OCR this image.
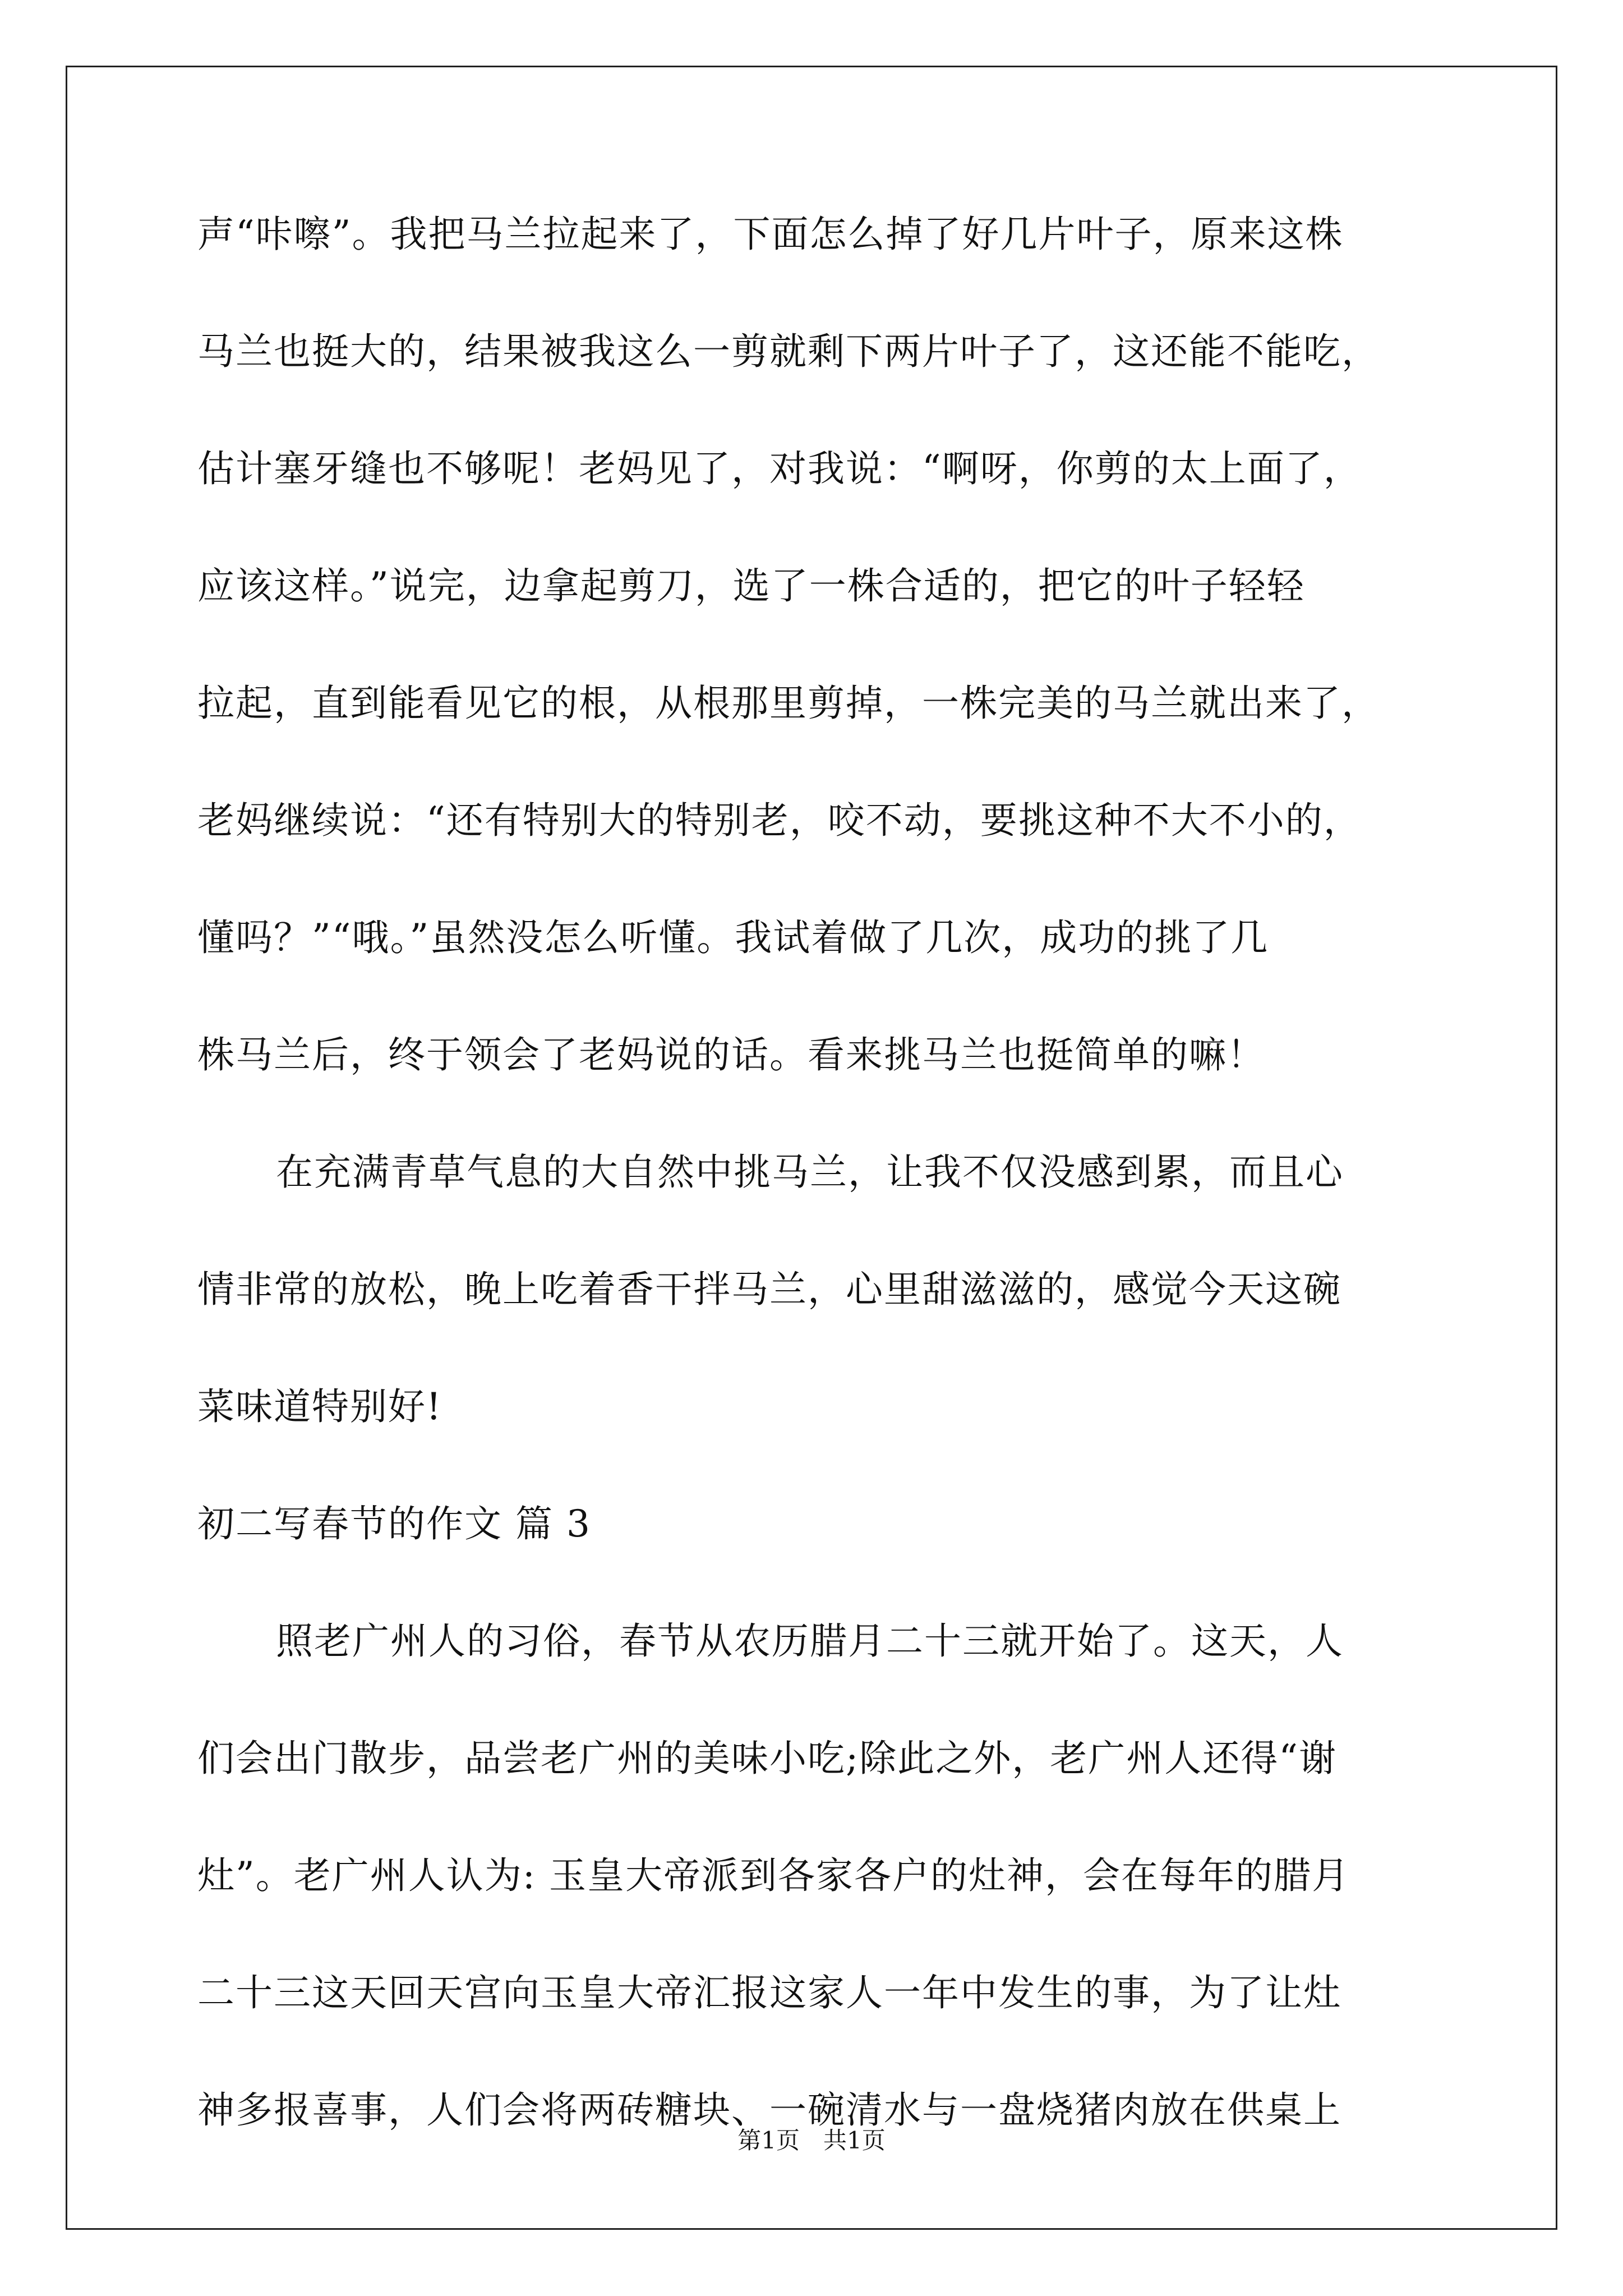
声“咔嚓”。我把马兰拉起来了，下面怎么掉了好几片叶子，原来这株

马兰也挺大的，结果被我这么一剪就剩下两片叶子了，这还能不能吃，

估计塞牙缝也不够呢！老妈见了，对我说：“啊呀，你剪的太上面了，

应该这样。”说完，边拿起剪刀，选了一株合适的，把它的叶子轻轻

拉起，直到能看见它的根，从根那里剪掉，一株完美的马兰就出来了，

老妈继续说：“还有特别大的特别老，咬不动，要挑这种不大不小的，

懂吗？”“哦。”虽然没怎么听懂。我试着做了几次，成功的挑了几

株马兰后，终于领会了老妈说的话。看来挑马兰也挺简单的嘛！

在充满青草气息的大自然中挑马兰，让我不仅没感到累，而且心

情非常的放松，晚上吃着香干拌马兰，心里甜滋滋的，感觉今天这碗

菜味道特别好!

初二写春节的作文 篇 3

照老广州人的习俗，春节从农历腊月二十三就开始了。这天，人

们会出门散步，品尝老广州的美味小吃;除此之外，老广州人还得“谢

灶”。老广州人认为: 玉皇大帝派到各家各户的灶神，会在每年的腊月

二十三这天回天宫向玉皇大帝汇报这家人一年中发生的事，为了让灶

神多报喜事，人们会将两砖糖块、一碗清水与一盘烧猪肉放在供桌上

第1页　共1页
